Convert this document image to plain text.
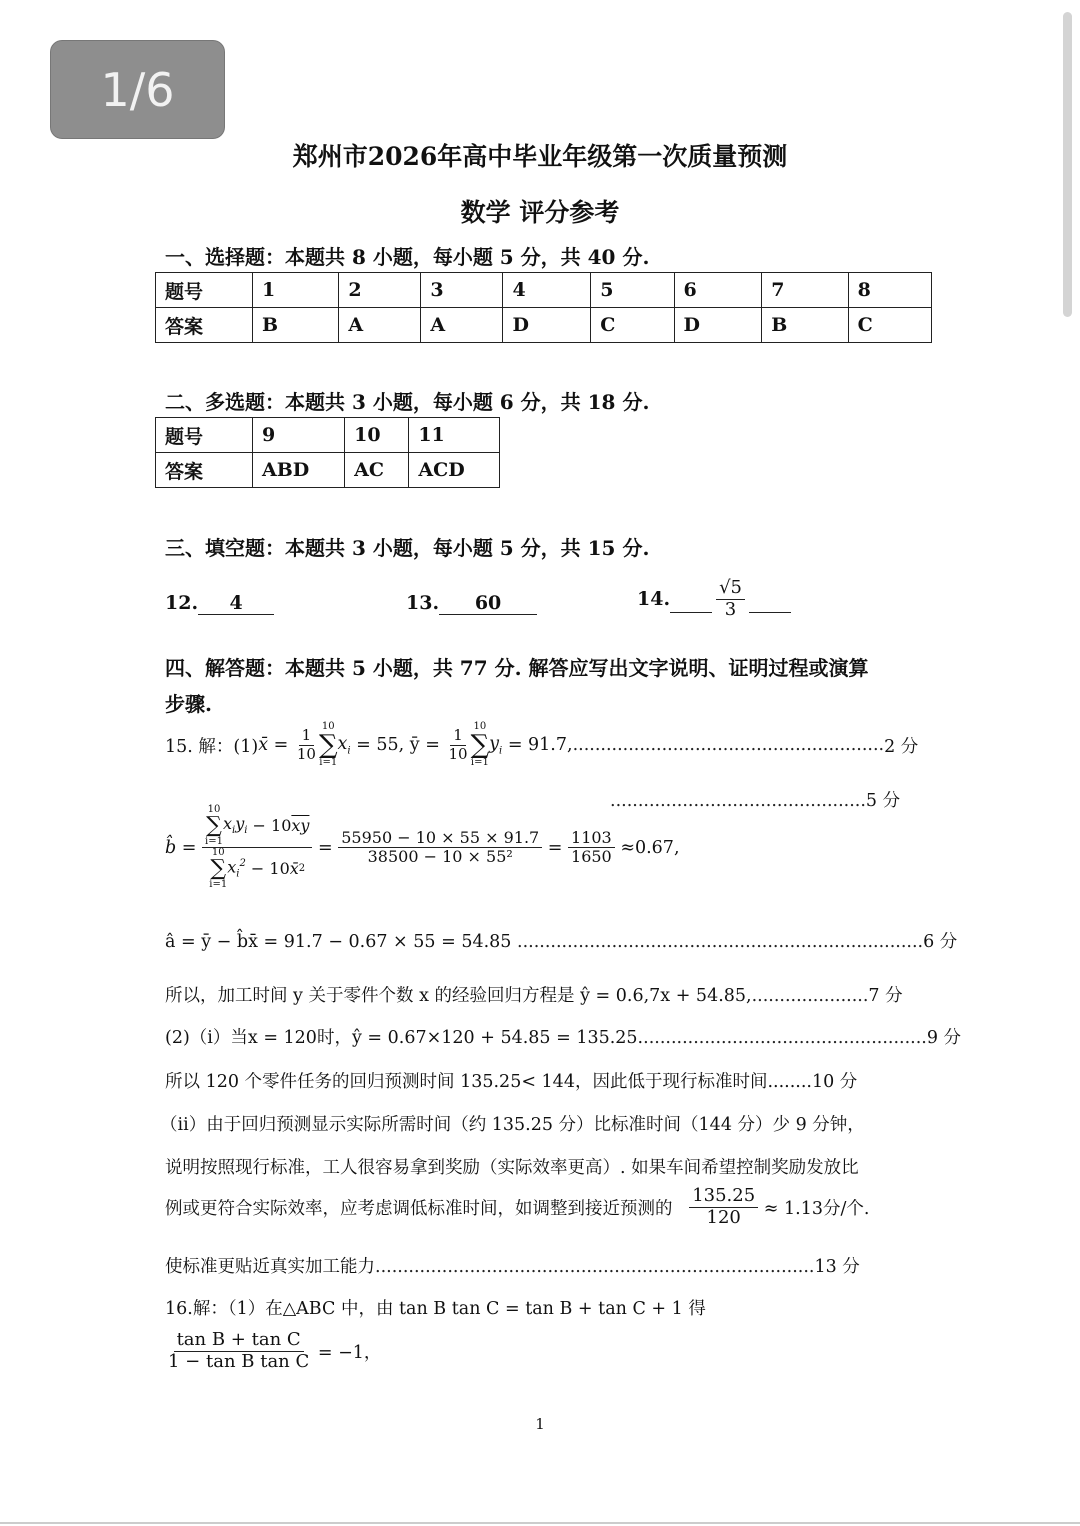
1/6
郑州市2026年高中毕业年级第一次质量预测
数学 评分参考
一、选择题：本题共 8 小题，每小题 5 分，共 40 分.
题号	1	2	3	4	5	6	7	8
答案	B	A	A	D	C	D	B	C
二、多选题：本题共 3 小题，每小题 6 分，共 18 分.
题号	9	10	11
答案	ABD	AC	ACD
三、填空题：本题共 3 小题，每小题 5 分，共 15 分.
12. 4	13. 60	14.	$\frac{√5}{3}$
四、解答题：本题共 5 小题，共 77 分. 解答应写出文字说明、证明过程或演算
步骤.
15. 解：(1) x̄ = $\frac{1}{10}$
10
∑
i=1
$x_i$
= 55, ȳ =
$\frac{1}{10}$
10
∑
i=1
$y_i$
= 91.7, ........................................................ 2 分
..............................................5 分
b̂ = 10
∑
i=1
$x_iy_i - 10$ $\overline{xy}$
10
∑
i=1
$x_i^2 - 10$ x̄ $2 = \frac{55950 - 10 \times 55 \times 91.7}{\text{38500 − 10 × 55²}} = \frac{1103}{1650}$
≈0.67,
â = ȳ − b̂x̄ = 91.7 − 0.67 × 55 = 54.85 .........................................................................6 分
所以，加工时间 y 关于零件个数 x 的经验回归方程是 ŷ = 0.6,7x + 54.85,.....................7 分
(2)（i）当x = 120时，ŷ = 0.67×120 + 54.85 = 135.25....................................................9 分
所以 120 个零件任务的回归预测时间 135.25< 144，因此低于现行标准时间........10 分
（ii）由于回归预测显示实际所需时间（约 135.25 分）比标准时间（144 分）少 9 分钟，
说明按照现行标准，工人很容易拿到奖励（实际效率更高）. 如果车间希望控制奖励发放比
例或更符合实际效率，应考虑调低标准时间，如调整到接近预测的
$\frac{135.25}{120}$
≈ 1.13分/个.
使标准更贴近真实加工能力...............................................................................13 分
16.解：（1）在△ABC 中，由 tan B tan C = tan B + tan C + 1 得
$\frac{\text{tan B + tan C}}{\text{1 − tan B tan C}}$
= −1，
1
